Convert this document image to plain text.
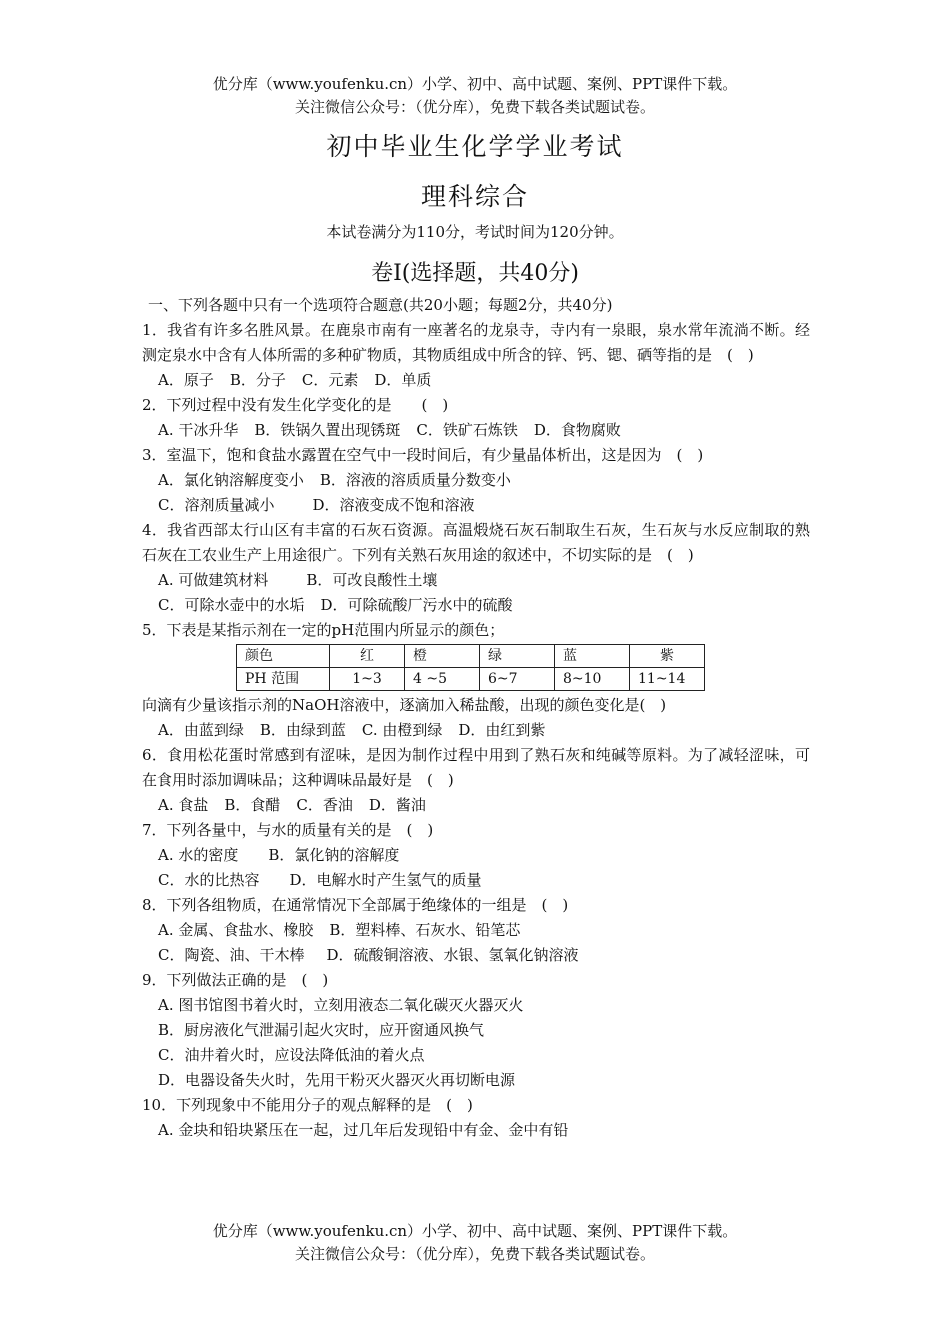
优分库（www.youfenku.cn）小学、初中、高中试题、案例、PPT课件下载。
关注微信公众号：（优分库），免费下载各类试题试卷。
初中毕业生化学学业考试
理科综合
本试卷满分为110分，考试时间为120分钟。
卷I(选择题，共40分)
一、下列各题中只有一个选项符合题意(共20小题；每题2分，共40分)
1．我省有许多名胜风景。在鹿泉市南有一座著名的龙泉寺，寺内有一泉眼，泉水常年流淌不断。经测定泉水中含有人体所需的多种矿物质，其物质组成中所含的锌、钙、锶、硒等指的是　(　)
A．原子 B．分子 C．元素 D．单质
2．下列过程中没有发生化学变化的是　　(　)
A. 干冰升华 B．铁锅久置出现锈斑 C．铁矿石炼铁 D．食物腐败
3．室温下，饱和食盐水露置在空气中一段时间后，有少量晶体析出，这是因为　(　)
A．氯化钠溶解度变小 B．溶液的溶质质量分数变小
C．溶剂质量减小	D．溶液变成不饱和溶液
4．我省西部太行山区有丰富的石灰石资源。高温煅烧石灰石制取生石灰，生石灰与水反应制取的熟石灰在工农业生产上用途很广。下列有关熟石灰用途的叙述中，不切实际的是　(　)
A. 可做建筑材料	B．可改良酸性土壤
C．可除水壶中的水垢 D．可除硫酸厂污水中的硫酸
5．下表是某指示剂在一定的pH范围内所显示的颜色；
颜色	红	橙	绿	蓝	紫
PH 范围	1~3	4 ~5	6~7	8~10	11~14
向滴有少量该指示剂的NaOH溶液中，逐滴加入稀盐酸，出现的颜色变化是(　)
A．由蓝到绿 B．由绿到蓝 C. 由橙到绿 D．由红到紫
6．食用松花蛋时常感到有涩味，是因为制作过程中用到了熟石灰和纯碱等原料。为了减轻涩味，可在食用时添加调味品；这种调味品最好是　(　)
A. 食盐 B．食醋 C．香油 D．酱油
7．下列各量中，与水的质量有关的是　(　)
A. 水的密度 B．氯化钠的溶解度
C．水的比热容 D．电解水时产生氢气的质量
8．下列各组物质，在通常情况下全部属于绝缘体的一组是　(　)
A. 金属、食盐水、橡胶 B．塑料棒、石灰水、铅笔芯
C．陶瓷、油、干木棒 D．硫酸铜溶液、水银、氢氧化钠溶液
9．下列做法正确的是　(　)
A. 图书馆图书着火时，立刻用液态二氧化碳灭火器灭火
B．厨房液化气泄漏引起火灾时，应开窗通风换气
C．油井着火时，应设法降低油的着火点
D．电器设备失火时，先用干粉灭火器灭火再切断电源
10．下列现象中不能用分子的观点解释的是　(　)
A. 金块和铅块紧压在一起，过几年后发现铅中有金、金中有铅
优分库（www.youfenku.cn）小学、初中、高中试题、案例、PPT课件下载。
关注微信公众号：（优分库），免费下载各类试题试卷。
